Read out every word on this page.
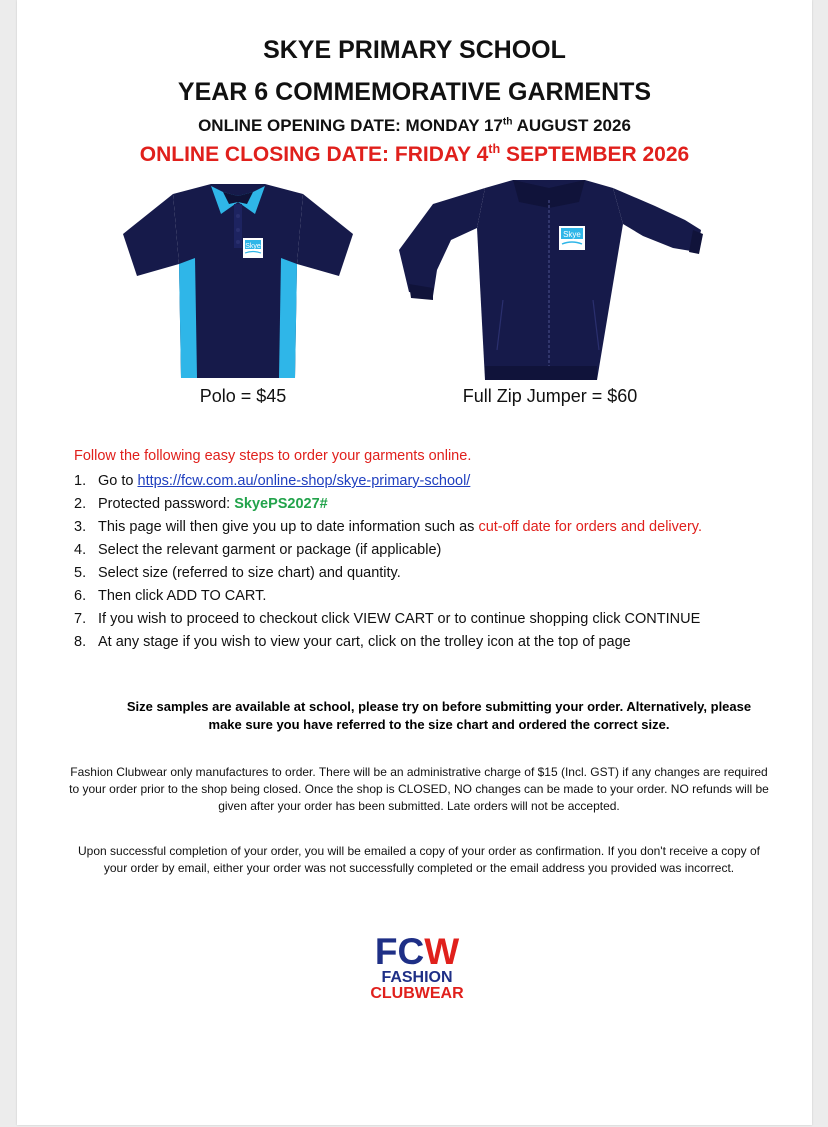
SKYE PRIMARY SCHOOL
YEAR 6 COMMEMORATIVE GARMENTS
ONLINE OPENING DATE: MONDAY 17th AUGUST 2026
ONLINE CLOSING DATE: FRIDAY 4th SEPTEMBER 2026
Skye
Polo = $45
Skye
Full Zip Jumper = $60
Follow the following easy steps to order your garments online.
1. Go to https://fcw.com.au/online-shop/skye-primary-school/
2. Protected password: SkyePS2027#
3. This page will then give you up to date information such as cut-off date for orders and delivery.
4. Select the relevant garment or package (if applicable)
5. Select size (referred to size chart) and quantity.
6. Then click ADD TO CART.
7. If you wish to proceed to checkout click VIEW CART or to continue shopping click CONTINUE
8. At any stage if you wish to view your cart, click on the trolley icon at the top of page
Size samples are available at school, please try on before submitting your order. Alternatively, please make sure you have referred to the size chart and ordered the correct size.
Fashion Clubwear only manufactures to order. There will be an administrative charge of $15 (Incl. GST) if any changes are required to your order prior to the shop being closed. Once the shop is CLOSED, NO changes can be made to your order. NO refunds will be given after your order has been submitted. Late orders will not be accepted.
Upon successful completion of your order, you will be emailed a copy of your order as confirmation. If you don't receive a copy of your order by email, either your order was not successfully completed or the email address you provided was incorrect.
FCW
FASHION
CLUBWEAR
